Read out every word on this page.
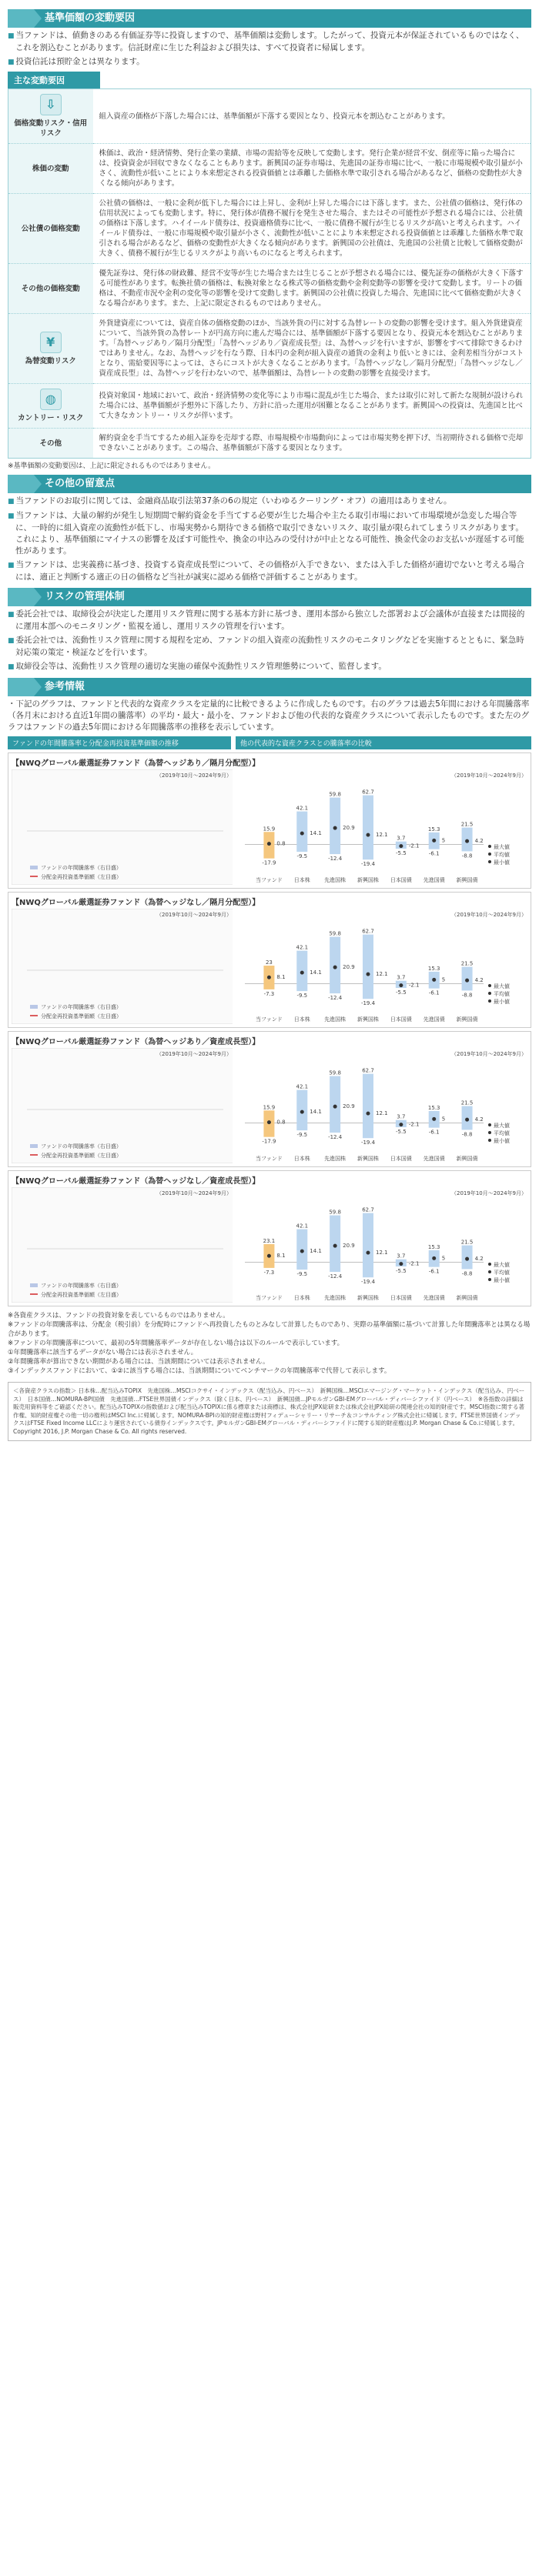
基準価額の変動要因

■ 当ファンドは、値動きのある有価証券等に投資しますので、基準価額は変動します。したがって、投資元本が保証されているものではなく、これを割込むことがあります。信託財産に生じた利益および損失は、すべて投資者に帰属します。

■ 投資信託は預貯金とは異なります。

主な変動要因
⇩
価格変動リスク・信用リスク	組入資産の価格が下落した場合には、基準価額が下落する要因となり、投資元本を割込むことがあります。

株価の変動	株価は、政治・経済情勢、発行企業の業績、市場の需給等を反映して変動します。発行企業が経営不安、倒産等に陥った場合には、投資資金が回収できなくなることもあります。新興国の証券市場は、先進国の証券市場に比べ、一般に市場規模や取引量が小さく、流動性が低いことにより本来想定される投資価値とは乖離した価格水準で取引される場合があるなど、価格の変動性が大きくなる傾向があります。

公社債の価格変動	公社債の価格は、一般に金利が低下した場合には上昇し、金利が上昇した場合には下落します。また、公社債の価格は、発行体の信用状況によっても変動します。特に、発行体が債務不履行を発生させた場合、またはその可能性が予想される場合には、公社債の価格は下落します。ハイイールド債券は、投資適格債券に比べ、一般に債務不履行が生じるリスクが高いと考えられます。ハイイールド債券は、一般に市場規模や取引量が小さく、流動性が低いことにより本来想定される投資価値とは乖離した価格水準で取引される場合があるなど、価格の変動性が大きくなる傾向があります。新興国の公社債は、先進国の公社債と比較して価格変動が大きく、債務不履行が生じるリスクがより高いものになると考えられます。

その他の価格変動	優先証券は、発行体の財政難、経営不安等が生じた場合または生じることが予想される場合には、優先証券の価格が大きく下落する可能性があります。転換社債の価格は、転換対象となる株式等の価格変動や金利変動等の影響を受けて変動します。リートの価格は、不動産市況や金利の変化等の影響を受けて変動します。新興国の公社債に投資した場合、先進国に比べて価格変動が大きくなる場合があります。また、上記に限定されるものではありません。

¥
為替変動リスク	外貨建資産については、資産自体の価格変動のほか、当該外貨の円に対する為替レートの変動の影響を受けます。組入外貨建資産について、当該外貨の為替レートが円高方向に進んだ場合には、基準価額が下落する要因となり、投資元本を割込むことがあります。「為替ヘッジあり／隔月分配型」「為替ヘッジあり／資産成長型」は、為替ヘッジを行いますが、影響をすべて排除できるわけではありません。なお、為替ヘッジを行なう際、日本円の金利が組入資産の通貨の金利より低いときには、金利差相当分がコストとなり、需給要因等によっては、さらにコストが大きくなることがあります。「為替ヘッジなし／隔月分配型」「為替ヘッジなし／資産成長型」は、為替ヘッジを行わないので、基準価額は、為替レートの変動の影響を直接受けます。

◍
カントリー・リスク	投資対象国・地域において、政治・経済情勢の変化等により市場に混乱が生じた場合、または取引に対して新たな規制が設けられた場合には、基準価額が予想外に下落したり、方針に沿った運用が困難となることがあります。新興国への投資は、先進国と比べて大きなカントリー・リスクが伴います。

その他	解約資金を手当てするため組入証券を売却する際、市場規模や市場動向によっては市場実勢を押下げ、当初期待される価格で売却できないことがあります。この場合、基準価額が下落する要因となります。

※基準価額の変動要因は、上記に限定されるものではありません。

その他の留意点

■ 当ファンドのお取引に関しては、金融商品取引法第37条の6の規定（いわゆるクーリング・オフ）の適用はありません。

■ 当ファンドは、大量の解約が発生し短期間で解約資金を手当てする必要が生じた場合や主たる取引市場において市場環境が急変した場合等に、一時的に組入資産の流動性が低下し、市場実勢から期待できる価格で取引できないリスク、取引量が限られてしまうリスクがあります。これにより、基準価額にマイナスの影響を及ぼす可能性や、換金の申込みの受付けが中止となる可能性、換金代金のお支払いが遅延する可能性があります。

■ 当ファンドは、忠実義務に基づき、投資する資産成長型について、その価格が入手できない、または入手した価格が適切でないと考える場合には、適正と判断する適正の日の価格など当社が誠実に認める価格で評価することがあります。

リスクの管理体制

■ 委託会社では、取締役会が決定した運用リスク管理に関する基本方針に基づき、運用本部から独立した部署および会議体が直接または間接的に運用本部へのモニタリング・監視を通し、運用リスクの管理を行います。

■ 委託会社では、流動性リスク管理に関する規程を定め、ファンドの組入資産の流動性リスクのモニタリングなどを実施するとともに、緊急時対応策の策定・検証などを行います。

■ 取締役会等は、流動性リスク管理の適切な実施の確保や流動性リスク管理態勢について、監督します。

参考情報

・下記のグラフは、ファンドと代表的な資産クラスを定量的に比較できるように作成したものです。右のグラフは過去5年間における年間騰落率（各月末における直近1年間の騰落率）の平均・最大・最小を、ファンドおよび他の代表的な資産クラスについて表示したものです。また左のグラフはファンドの過去5年間における年間騰落率の推移を表示しています。

ファンドの年間騰落率と分配金再投資基準価額の推移	他の代表的な資産クラスとの騰落率の比較
【NWQグローバル厳選証券ファンド（為替ヘッジあり／隔月分配型）】
（2019年10月～2024年9月）
ファンドの年間騰落率（右目盛）
分配金再投資基準価額（左目盛）
（2019年10月～2024年9月）
15.9
0.8
-17.9
当ファンド
42.1
14.1
-9.5
日本株
59.8
20.9
-12.4
先進国株
62.7
12.1
-19.4
新興国株
3.7
-2.1
-5.5
日本国債
15.3
5
-6.1
先進国債
21.5
4.2
-8.8
新興国債
最大値
平均値
最小値
【NWQグローバル厳選証券ファンド（為替ヘッジなし／隔月分配型）】
（2019年10月～2024年9月）
ファンドの年間騰落率（右目盛）
分配金再投資基準価額（左目盛）
（2019年10月～2024年9月）
23
8.1
-7.3
当ファンド
42.1
14.1
-9.5
日本株
59.8
20.9
-12.4
先進国株
62.7
12.1
-19.4
新興国株
3.7
-2.1
-5.5
日本国債
15.3
5
-6.1
先進国債
21.5
4.2
-8.8
新興国債
最大値
平均値
最小値
【NWQグローバル厳選証券ファンド（為替ヘッジあり／資産成長型）】
（2019年10月～2024年9月）
ファンドの年間騰落率（右目盛）
分配金再投資基準価額（左目盛）
（2019年10月～2024年9月）
15.9
0.8
-17.9
当ファンド
42.1
14.1
-9.5
日本株
59.8
20.9
-12.4
先進国株
62.7
12.1
-19.4
新興国株
3.7
-2.1
-5.5
日本国債
15.3
5
-6.1
先進国債
21.5
4.2
-8.8
新興国債
最大値
平均値
最小値
【NWQグローバル厳選証券ファンド（為替ヘッジなし／資産成長型）】
（2019年10月～2024年9月）
ファンドの年間騰落率（右目盛）
分配金再投資基準価額（左目盛）
（2019年10月～2024年9月）
23.1
8.1
-7.3
当ファンド
42.1
14.1
-9.5
日本株
59.8
20.9
-12.4
先進国株
62.7
12.1
-19.4
新興国株
3.7
-2.1
-5.5
日本国債
15.3
5
-6.1
先進国債
21.5
4.2
-8.8
新興国債
最大値
平均値
最小値

※各資産クラスは、ファンドの投資対象を表しているものではありません。

※ファンドの年間騰落率は、分配金（税引前）を分配時にファンドへ再投資したものとみなして計算したものであり、実際の基準価額に基づいて計算した年間騰落率とは異なる場合があります。

※ファンドの年間騰落率について、最初の5年間騰落率データが存在しない場合は以下のルールで表示しています。

①年間騰落率に該当するデータがない場合には表示されません。

②年間騰落率が算出できない期間がある場合には、当該期間については表示されません。

③インデックスファンドにおいて、①②に該当する場合には、当該期間についてベンチマークの年間騰落率で代替して表示します。

＜各資産クラスの指数＞ 日本株…配当込みTOPIX　先進国株…MSCIコクサイ・インデックス（配当込み、円ベース）　新興国株…MSCIエマージング・マーケット・インデックス（配当込み、円ベース）　日本国債…NOMURA-BPI国債　先進国債…FTSE世界国債インデックス（除く日本、円ベース）　新興国債…JPモルガンGBI-EMグローバル・ディバーシファイド（円ベース）　※各指数の詳細は販売用資料等をご確認ください。配当込みTOPIXの指数値および配当込みTOPIXに係る標章または商標は、株式会社JPX総研または株式会社JPX総研の関連会社の知的財産です。MSCI指数に関する著作権、知的財産権その他一切の権利はMSCI Inc.に帰属します。NOMURA-BPIの知的財産権は野村フィデューシャリー・リサーチ＆コンサルティング株式会社に帰属します。FTSE世界国債インデックスはFTSE Fixed Income LLCにより運営されている債券インデックスです。JPモルガンGBI-EMグローバル・ディバーシファイドに関する知的財産権はJ.P. Morgan Chase & Co.に帰属します。 Copyright 2016, J.P. Morgan Chase & Co. All rights reserved.
